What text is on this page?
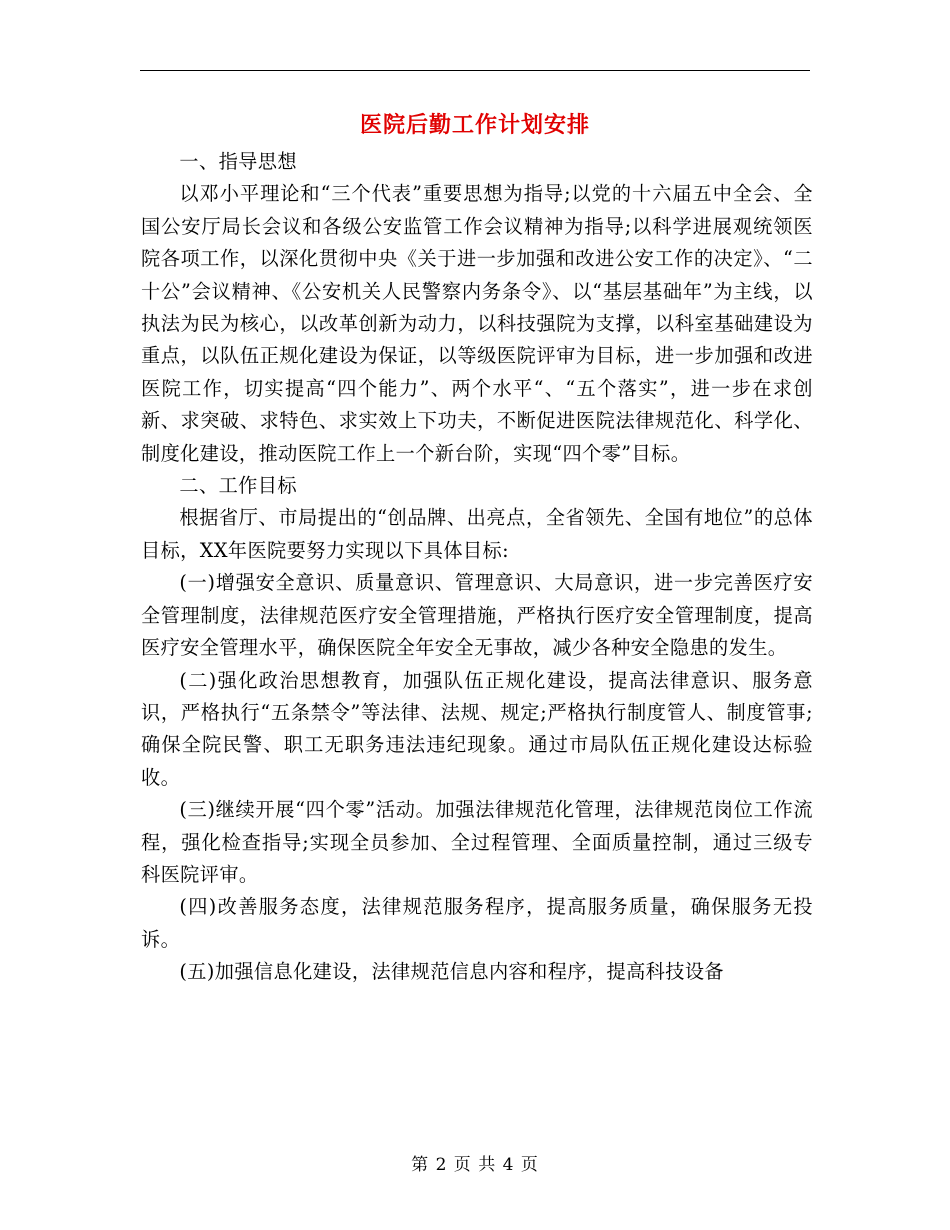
医院后勤工作计划安排

一、指导思想

以邓小平理论和“三个代表”重要思想为指导;以党的十六届五中全会、全国公安厅局长会议和各级公安监管工作会议精神为指导;以科学进展观统领医院各项工作，以深化贯彻中央《关于进一步加强和改进公安工作的决定》、“二十公”会议精神、《公安机关人民警察内务条令》、以“基层基础年”为主线，以执法为民为核心，以改革创新为动力，以科技强院为支撑，以科室基础建设为重点，以队伍正规化建设为保证，以等级医院评审为目标，进一步加强和改进医院工作，切实提高“四个能力”、两个水平“、“五个落实”，进一步在求创新、求突破、求特色、求实效上下功夫，不断促进医院法律规范化、科学化、制度化建设，推动医院工作上一个新台阶，实现“四个零”目标。

二、工作目标

根据省厅、市局提出的“创品牌、出亮点，全省领先、全国有地位”的总体目标，XX年医院要努力实现以下具体目标:

(一)增强安全意识、质量意识、管理意识、大局意识，进一步完善医疗安全管理制度，法律规范医疗安全管理措施，严格执行医疗安全管理制度，提高医疗安全管理水平，确保医院全年安全无事故，减少各种安全隐患的发生。

(二)强化政治思想教育，加强队伍正规化建设，提高法律意识、服务意识，严格执行“五条禁令”等法律、法规、规定;严格执行制度管人、制度管事;确保全院民警、职工无职务违法违纪现象。通过市局队伍正规化建设达标验收。

(三)继续开展“四个零”活动。加强法律规范化管理，法律规范岗位工作流程，强化检查指导;实现全员参加、全过程管理、全面质量控制，通过三级专科医院评审。

(四)改善服务态度，法律规范服务程序，提高服务质量，确保服务无投诉。

(五)加强信息化建设，法律规范信息内容和程序，提高科技设备

第 2 页 共 4 页
